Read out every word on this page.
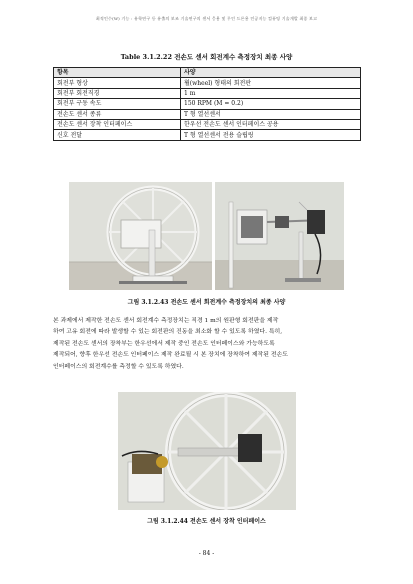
최적인수(W) 기능 : 유학연구 등 유출의 보조 기술연구의 센서 응용 및 무인 드론용 인공지능 컴퓨팅 기술개발 최종 보고
Table 3.1.2.22 전손도 센서 회전계수 측정장치 최종 사양
항목	사양
회전부 형상	휠(wheel) 형태의 회전판
회전부 회전직경	1 m
회전부 구동 속도	150 RPM (M = 0.2)
전손도 센서 종류	T 형 열선센서
전손도 센서 장착 인터페이스	한우선 전손도 센서 인터페이스 공용
신호 전달	T 형 열선센서 전용 슬립링
그림 3.1.2.43 전손도 센서 회전계수 측정장치의 최종 사양
본 과제에서 제작한 전손도 센서 회전계수 측정장치는 직경 1 m의 원판형 회전판을 제작
하여 고유 회전에 따라 발생할 수 있는 회전판의 진동을 최소화 할 수 있도록 하였다. 특히,
제작된 전손도 센서의 장착부는 한우선에서 제작 중인 전손도 인터페이스와 가능하도록
제작되어, 향후 한우선 전손도 인터페이스 제작 완료될 시 본 장치에 장착하여 제작된 전손도
인터페이스의 회전계수를 측정할 수 있도록 하였다.
그림 3.1.2.44 전손도 센서 장착 인터페이스
- 84 -
